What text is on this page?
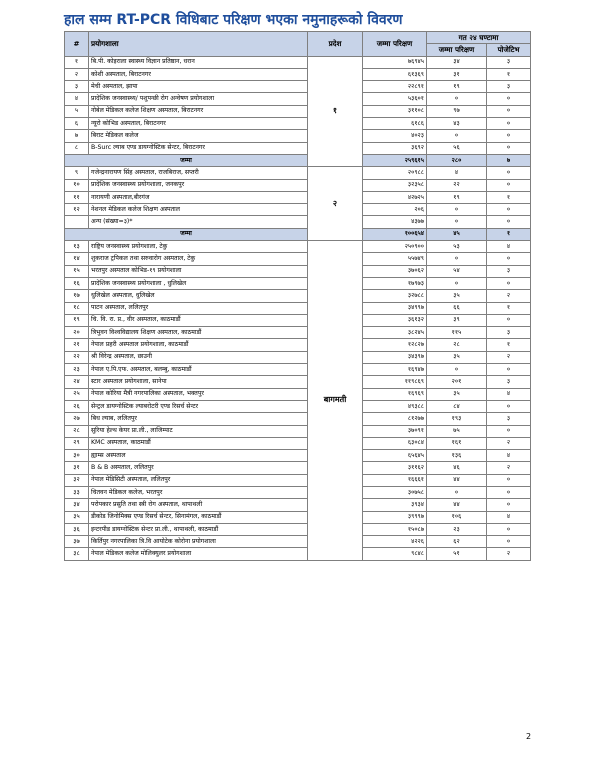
हाल सम्म RT-PCR विधिबाट परिक्षण भएका नमुनाहरूको विवरण
#	प्रयोगशाला	प्रदेश	जम्मा परिक्षण	गत २४ घण्टामा	
				जम्मा परिक्षण	पोजेटिभ
१	बि.पी. कोइराला स्वास्थ्य विज्ञान प्रतिष्ठान, धरान	१	७६९४५	३४	३
२	कोशी अस्पताल, बिराटनगर		६१३६९	३१	१
३	मेची अस्पताल, झापा		२२८९१	१९	३
४	प्रादेशिक जनस्वास्थ्य/ पशुपन्छी रोग अन्वेषण प्रयोगशाला		५३६०१	०	०
५	नोबेल मेडिकल कलेज शिक्षण अस्पताल, बिराटनगर		३११०८	९७	०
६	न्यूरो कोभिड अस्पताल, बिराटनगर		६१८६	४३	०
७	बिराट मेडिकल कलेज		४०२३	०	०
८	B-Surc ल्याब एण्ड डायग्नोस्टिक सेन्टर, बिराटनगर		३६९२	५६	०
जम्मा			२५९६१५	२८०	७
९	गजेन्द्रनारायण सिंह अस्पताल, राजबिराज, सप्तरी	२	२०९८८	४	०
१०	प्रादेशिक जनस्वास्थ्य प्रयोगशाला, जनकपुर		३२३५८	२२	०
११	नारायणी अस्पताल,बीरगंज		४२७२५	१९	१
१२	नेशनल मेडिकल कलेज शिक्षण अस्पताल		२०६	०	०
	अन्य (संख्या=३)*		४३७७	०	०
जम्मा			१००६५४	४५	१
१३	राष्ट्रिय जनस्वास्थ्य प्रयोगशाला, टेकु	बागमती	२५०९००	५३	४
१४	शुकराज ट्रपिकल तथा सरुवारोग अस्पताल, टेकु		५५७४९	०	०
१५	भरतपुर अस्पताल कोभिड-१९ प्रयोगशाला		३७०६२	५४	३
१६	प्रादेशिक जनस्वास्थ्य प्रयोगशाला , धुलिखेल		१७९७३	०	०
१७	धुलिखेल अस्पताल, धुलिखेल		३२७८८	३५	२
१८	पाटन अस्पताल, ललितपुर		३४९९७	६६	१
१९	चि. वि. रा. प्र., वीर अस्पताल, काठमाडौं		३६१३२	३९	०
२०	त्रिभुवन विश्वविद्यालय शिक्षण अस्पताल, काठमाडौं		३८२४५	११५	३
२१	नेपाल प्रहरी अस्पताल प्रयोगशाला, काठमाडौं		१२८२७	२८	१
२२	श्री विरेन्द्र अस्पताल, छाउनी		३४३९७	३५	२
२३	नेपाल ए.पि.एफ. अस्पताल, बलम्बु, काठमाडौं		१६९४७	०	०
२४	स्टार अस्पताल प्रयोगशाला, सानेपा		११९८६९	२०१	३
२५	नेपाल कोरिया मैत्री नगरपालिका अस्पताल, भक्तपुर		१६९६९	३५	४
२६	सेन्ट्रल डायग्नोस्टिक ल्याबरोटरी एण्ड रिसर्च सेन्टर		४९३८८	८४	०
२७	बिध ल्याब, ललितपुर		८१२७७	१९३	३
२८	सुरिया हेल्थ केयर प्रा.ली., लाजिम्पाट		३७०९१	७५	०
२९	KMC अस्पताल, काठमाडौं		६३०८४	१६१	२
३०	ह्याम्स अस्पताल		६५६४५	१३६	४
३१	B & B अस्पताल, ललितपुर		३११६२	४६	२
३२	नेपाल मेडिसिटी अस्पताल, ललितपुर		१६६६१	४४	०
३३	चितवन मेडिकल कलेज, भरतपुर		३०७५८	०	०
३४	परोपकार प्रसुति तथा स्त्री रोग अस्पताल, थापाथली		३९३४	४४	०
३५	डीकोड जिनोमिक्स एण्ड रिसर्च सेन्टर, सिनामंगल, काठमाडौं		३९९९७	१०६	४
३६	इन्टरपीड डायग्नोस्टिक सेन्टर प्रा.ली., थापाथली, काठमाडौं		१५०८७	२३	०
३७	किर्तिपुर नगरपालिका त्रि.वि आयोटेक कोरोना प्रयोगशाला		४२२६	६२	०
३८	नेपाल मेडिकल कलेज मोलिक्युलर प्रयोगशाला		९८४८	५१	२
2
